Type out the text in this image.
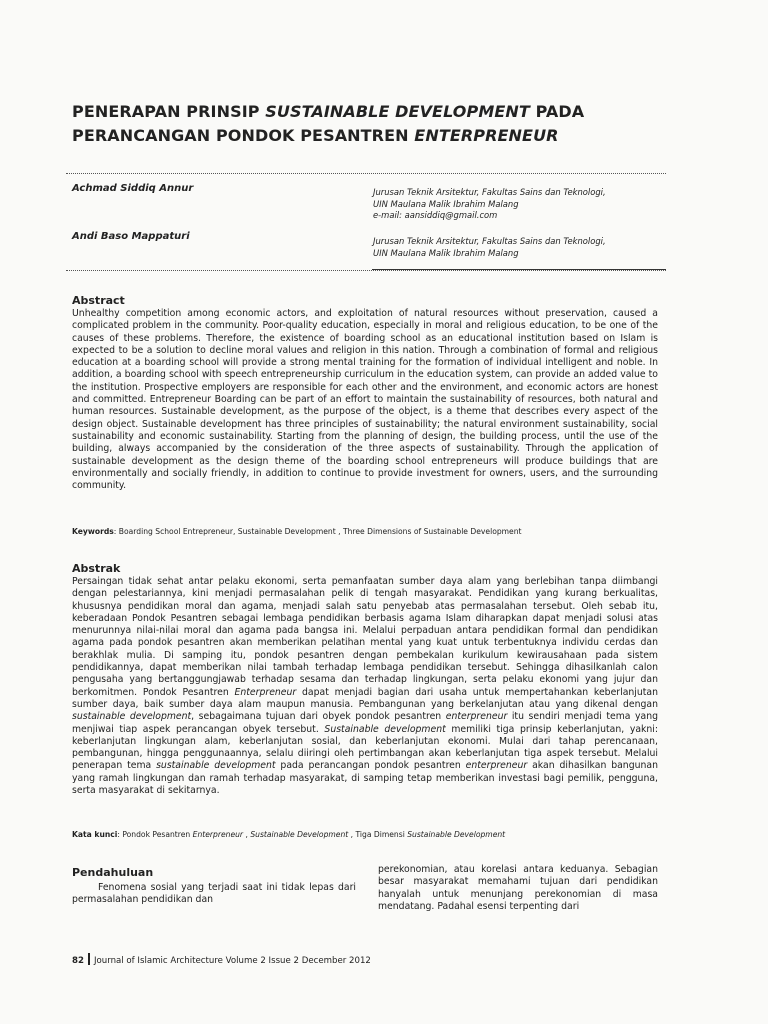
PENERAPAN PRINSIP SUSTAINABLE DEVELOPMENT PADA
PERANCANGAN PONDOK PESANTREN ENTERPRENEUR
Achmad Siddiq Annur	Jurusan Teknik Arsitektur, Fakultas Sains dan Teknologi,
UIN Maulana Malik Ibrahim Malang
e-mail: aansiddiq@gmail.com
Andi Baso Mappaturi	Jurusan Teknik Arsitektur, Fakultas Sains dan Teknologi,
UIN Maulana Malik Ibrahim Malang
Abstract
Unhealthy competition among economic actors, and exploitation of natural resources without preservation, caused a complicated problem in the community. Poor-quality education, especially in moral and religious education, to be one of the causes of these problems. Therefore, the existence of boarding school as an educational institution based on Islam is expected to be a solution to decline moral values and religion in this nation. Through a combination of formal and religious education at a boarding school will provide a strong mental training for the formation of individual intelligent and noble. In addition, a boarding school with speech entrepreneurship curriculum in the education system, can provide an added value to the institution. Prospective employers are responsible for each other and the environment, and economic actors are honest and committed. Entrepreneur Boarding can be part of an effort to maintain the sustainability of resources, both natural and human resources. Sustainable development, as the purpose of the object, is a theme that describes every aspect of the design object. Sustainable development has three principles of sustainability; the natural environment sustainability, social sustainability and economic sustainability. Starting from the planning of design, the building process, until the use of the building, always accompanied by the consideration of the three aspects of sustainability. Through the application of sustainable development as the design theme of the boarding school entrepreneurs will produce buildings that are environmentally and socially friendly, in addition to continue to provide investment for owners, users, and the surrounding community.
Keywords: Boarding School Entrepreneur, Sustainable Development , Three Dimensions of Sustainable Development
Abstrak
Persaingan tidak sehat antar pelaku ekonomi, serta pemanfaatan sumber daya alam yang berlebihan tanpa diimbangi dengan pelestariannya, kini menjadi permasalahan pelik di tengah masyarakat. Pendidikan yang kurang berkualitas, khususnya pendidikan moral dan agama, menjadi salah satu penyebab atas permasalahan tersebut. Oleh sebab itu, keberadaan Pondok Pesantren sebagai lembaga pendidikan berbasis agama Islam diharapkan dapat menjadi solusi atas menurunnya nilai-nilai moral dan agama pada bangsa ini. Melalui perpaduan antara pendidikan formal dan pendidikan agama pada pondok pesantren akan memberikan pelatihan mental yang kuat untuk terbentuknya individu cerdas dan berakhlak mulia. Di samping itu, pondok pesantren dengan pembekalan kurikulum kewirausahaan pada sistem pendidikannya, dapat memberikan nilai tambah terhadap lembaga pendidikan tersebut. Sehingga dihasilkanlah calon pengusaha yang bertanggungjawab terhadap sesama dan terhadap lingkungan, serta pelaku ekonomi yang jujur dan berkomitmen. Pondok Pesantren Enterpreneur dapat menjadi bagian dari usaha untuk mempertahankan keberlanjutan sumber daya, baik sumber daya alam maupun manusia. Pembangunan yang berkelanjutan atau yang dikenal dengan sustainable development, sebagaimana tujuan dari obyek pondok pesantren enterpreneur itu sendiri menjadi tema yang menjiwai tiap aspek perancangan obyek tersebut. Sustainable development memiliki tiga prinsip keberlanjutan, yakni: keberlanjutan lingkungan alam, keberlanjutan sosial, dan keberlanjutan ekonomi. Mulai dari tahap perencanaan, pembangunan, hingga penggunaannya, selalu diiringi oleh pertimbangan akan keberlanjutan tiga aspek tersebut. Melalui penerapan tema sustainable development pada perancangan pondok pesantren enterpreneur akan dihasilkan bangunan yang ramah lingkungan dan ramah terhadap masyarakat, di samping tetap memberikan investasi bagi pemilik, pengguna, serta masyarakat di sekitarnya.
Kata kunci: Pondok Pesantren Enterpreneur , Sustainable Development , Tiga Dimensi Sustainable Development
Pendahuluan

Fenomena sosial yang terjadi saat ini tidak lepas dari permasalahan pendidikan dan

perekonomian, atau korelasi antara keduanya. Sebagian besar masyarakat memahami tujuan dari pendidikan hanyalah untuk menunjang perekonomian di masa mendatang. Padahal esensi terpenting dari

82 Journal of Islamic Architecture Volume 2 Issue 2 December 2012
